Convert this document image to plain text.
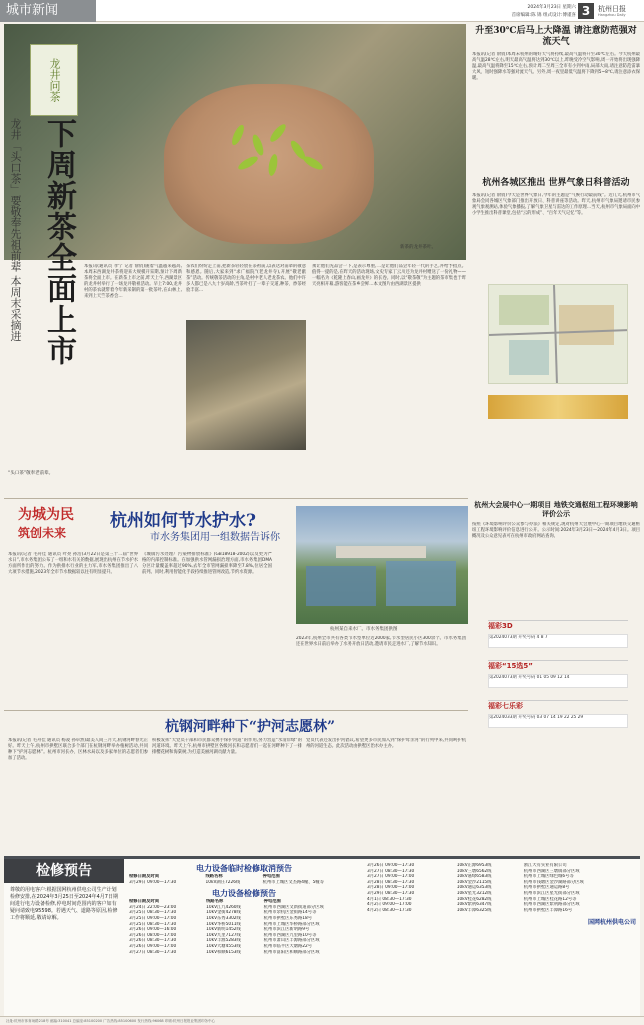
城市新闻	2024年3月23日 星期六
首席编辑:陈 锦 组式设计:傅谨喜 3	杭州日报
Hangzhou Daily
龙井问茶
新茶的龙井茶叶。
龙井「头口茶」要敬奉先祖前辈 本周末采摘进 下周新茶全面上市	本报讯(通讯员 孝宁 记者 俞俏)随着气温越来越高,本周末西湖龙井茶将迎来大规模开采期,预计下周新茶将全面上市。在新茶上市之前,昨天上午,西湖景区的龙井村举行了一场龙井敬祖活动。早上7:00,龙井村的茶农就带着今年新采制的第一批茶叶,在山林上,来到上天竺茶香会…
茶农们纷纷走上前,把新茶轻轻放在茶祖前,以表达对前辈的敬意和感恩。随后,大家来到“求广福院”(老龙井寺),开展“敬老献茶”活动。传统敬茶活动的主角,是村中老人老龙茶农。他们中许多人都已是八九十岁高龄,当茶叶打了一辈子交道,种茶、炒茶经验丰富…
须让他们先品尝一下,是表示尊重,二是让他们品尝年轻一代的手艺,并给予指点。值得一提的是,在昨天的活动现场,文史专家丁云川还为龙井村赠送了一份礼物——一幅名为《乾隆上春山,画龙井》的长卷。同时,以“敬茶敬”为主题的茶市集也于昨天亮相开幕,游客能在茶乡尝鲜…本文图片由西湖景区提供
“头口茶”敬奉老前辈。
升至30℃后马上大降温 请注意防范强对流天气
本报讯(记者 俞俏)本周末杭州的晴好天气将持续,最高气温将升至30℃左右。今天杭州最高气温28℃左右,明天最高气温将达到30℃以上,昨晚受冷空气影响,周一开始将出现强降温,最高气温将降至15℃左右,预计周二至周三全市有小到中雨,局部大雨,请注意防范雷暴大风、短时强降水等强对流天气。另外,周一夜里最低气温将下降到5~8℃,请注意添衣保暖。
杭州各城区推出 世界气象日科普活动
本报讯(记者 俞俏)今天是世界气象日,今年的主题是“气候行动最前线”。近几天,杭州市气象局会同各城区气象部门推出开放日、科普讲座等活动。昨天,杭州市气象局邀请市民参观气象观测站,体验气象播报,了解气象卫星与雷达的工作原理…当天,杭州市气象局面向中小学生推出科普课堂,包括“云的形成”、“百年天气记忆”等。
为城为民
筑创未来
杭州如何节水护水?
市水务集团用一组数据告诉你
杭州某自来水厂。市水务集团供图
本报讯(记者 毛舟佳 通讯员 叶亮 孙浩)3月22日是第三十二届“世界水日”,市水务集团公布了一组和水有关的数据,展现出杭州在节水护水方面所作出的努力。作为供排水行业的主力军,市水务集团推出了八大项节水措施,2023年全市节水数据较以往有明显提升。
《城镇污水处理厂污染物排放标准》(GB18918-2002)以及更为严格的内部控制标准。在加强供水管网漏损治理方面,市水务集团DMA分区计量覆盖率超过90%,去年全市管网漏损率降至7.8%,位居全国前列。同时,利用智能化手段持续推进管网改造,节约水资源。
2023年,杭州全市共有各类节水型单位近2000家,节水型居民小区300余个。市水务集团还在世界水日前后举办了水务开放日活动,邀请市民走进水厂,了解节水知识。
杭钢河畔种下“护河志愿林”
本报讯(记者 毛舟佳 通讯员 杨凌 孙卓然)最美人间三月天,杭钢河畔春光正好。昨天上午,杭州市拱墅区联合多个部门在杭钢河畔举办植树活动,共同种下“护河志愿林”。杭州市河长办、区林水局以及多家单位的志愿者们参加了活动。
积极发挥“大党员干部和市民群众携手保护河道”的作用,努力营造“水清岸绿”的河道环境。昨天上午,杭州市拱墅区各级河长和志愿者们一起在河畔种下了一排排樱花树和海棠树,为打造美丽河湖贡献力量。
党员代表还发出护河倡议,希望更多市民加入到“保护母亲河”的行列中来,共同呵护杭州的河道生态。此次活动由拱墅区治水办主办。
杭州大会展中心一期项目 地铁交通枢纽工程环境影响评价公示
按照《环境影响评价公众参与办法》相关规定,现对杭州大会展中心一期项目地铁交通枢纽工程环境影响评价信息进行公开。公示时间:2024年3月23日—2024年4月3日。项目概况及公众意见表可在杭州市政府网站查询。
福彩3D
第2024073期 开奖号码 4 8 7
福彩“15选5”
第2024073期 开奖号码 01 05 09 12 14
福彩七乐彩
第2024033期 开奖号码 03 07 14 19 22 25 29
检修预告
尊敬的用电客户:根据国网杭州供电公司生产计划检修安排,在2024年3月25日至2024年4月7日期间进行电力设备检修,停电时间范围内的客户如有疑问请致电95598。若遇天气、道路等原因,检修工作将顺延,敬请谅解。
电力设备临时检修取消预告
检修日期及时间	线路名称	停电范围
3月29日 09:00—17:30	10kV湖庄7226线	杭州市上城区文杰路4幢、5幢等
电力设备检修预告
检修日期及时间	线路名称	停电范围
3月24日 22:00—23:00	10kV江九4260线	杭州市西湖区文新街道部分区域
3月25日 08:30—17:30	10kV金街4278线	杭州市余杭区金街路14号等
3月25日 09:00—17:00	10kV东秀3302线	杭州市拱墅区东秀路18号
3月25日 08:30—17:30	10kV华桥5011线	杭州市上城区华桥路部分区域
3月26日 09:00—16:00	10kV新明1452线	杭州市滨江区新明路9号
3月26日 08:00—17:00	10kV九里7127线	杭州市西湖区九里路10号等
3月26日 08:30—17:30	10kV丰源5283线	杭州市萧山区丰源路部分区域
3月26日 09:00—17:00	10kV大塘4553线	杭州市临平区大塘路22号
3月27日 08:30—17:30	10kV和顺6153线	杭州市富阳区和顺路部分区域
3月26日 09:00—17:30	10kV正源6953线	浙江大有实业有限公司
3月27日 08:30—17:30	10kV三墩6562线	杭州市西湖区三墩镇部分区域
3月27日 09:00—17:00	10kV嘉绿6583线	杭州市上城区绿色城6号等
3月28日 08:30—17:30	10kV金沙2115线	杭州市钱塘区金沙湖路部分区域
3月28日 09:00—17:00	10kV通运6353线	杭州市拱墅区通运路8号
3月29日 08:30—17:30	10kV星光3212线	杭州市滨江区星光街部分区域
4月1日 08:30—17:30	10kV桂花6282线	杭州市上城区桂花路12号等
4月2日 09:00—17:00	10kV紫荆6347线	杭州市西湖区紫荆路部分区域
4月2日 08:30—17:30	10kV丰潭6325线	杭州市拱墅区丰潭路16号
国网杭州供电公司
社址:杭州市体育场路218号 邮编:310041 总编室:85100200 广告热线:85100600 发行热线:96068 印刷:杭州日报报业集团印务中心
